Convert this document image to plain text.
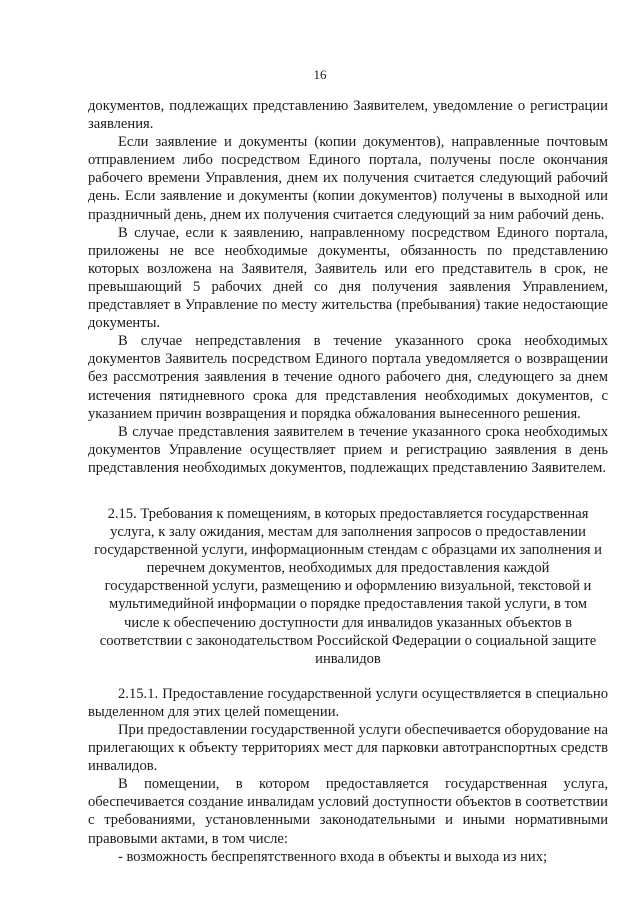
16

документов, подлежащих представлению Заявителем, уведомление о регистрации заявления.

Если заявление и документы (копии документов), направленные почтовым отправлением либо посредством Единого портала, получены после окончания рабочего времени Управления, днем их получения считается следующий рабочий день. Если заявление и документы (копии документов) получены в выходной или праздничный день, днем их получения считается следующий за ним рабочий день.

В случае, если к заявлению, направленному посредством Единого портала, приложены не все необходимые документы, обязанность по представлению которых возложена на Заявителя, Заявитель или его представитель в срок, не превышающий 5 рабочих дней со дня получения заявления Управлением, представляет в Управление по месту жительства (пребывания) такие недостающие документы.

В случае непредставления в течение указанного срока необходимых документов Заявитель посредством Единого портала уведомляется о возвращении без рассмотрения заявления в течение одного рабочего дня, следующего за днем истечения пятидневного срока для представления необходимых документов, с указанием причин возвращения и порядка обжалования вынесенного решения.

В случае представления заявителем в течение указанного срока необходимых документов Управление осуществляет прием и регистрацию заявления в день представления необходимых документов, подлежащих представлению Заявителем.

2.15. Требования к помещениям, в которых предоставляется государственная услуга, к залу ожидания, местам для заполнения запросов о предоставлении государственной услуги, информационным стендам с образцами их заполнения и перечнем документов, необходимых для предоставления каждой государственной услуги, размещению и оформлению визуальной, текстовой и мультимедийной информации о порядке предоставления такой услуги, в том числе к обеспечению доступности для инвалидов указанных объектов в соответствии с законодательством Российской Федерации о социальной защите инвалидов

2.15.1. Предоставление государственной услуги осуществляется в специально выделенном для этих целей помещении.

При предоставлении государственной услуги обеспечивается оборудование на прилегающих к объекту территориях мест для парковки автотранспортных средств инвалидов.

В помещении, в котором предоставляется государственная услуга, обеспечивается создание инвалидам условий доступности объектов в соответствии с требованиями, установленными законодательными и иными нормативными правовыми актами, в том числе:

- возможность беспрепятственного входа в объекты и выхода из них;
